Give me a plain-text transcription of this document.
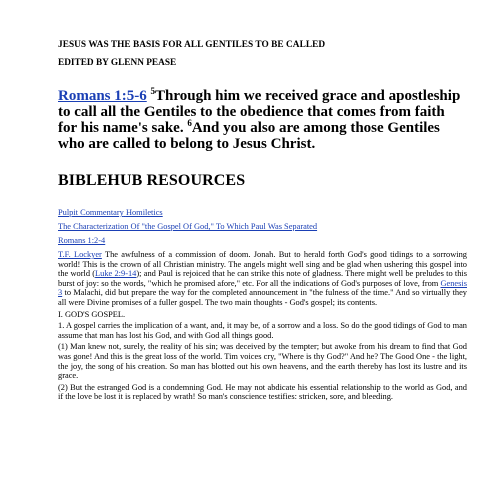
JESUS WAS THE BASIS FOR ALL GENTILES TO BE CALLED
EDITED BY GLENN PEASE
Romans 1:5-6 $^5$Through him we received grace and apostleship to call all the Gentiles to the obedience that comes from faith for his name's sake. $^6$And you also are among those Gentiles who are called to belong to Jesus Christ.
BIBLEHUB RESOURCES
Pulpit Commentary Homiletics
The Characterization Of "the Gospel Of God," To Which Paul Was Separated
Romans 1:2-4
T.F. Lockyer The awfulness of a commission of doom. Jonah. But to herald forth God's good tidings to a sorrowing world! This is the crown of all Christian ministry. The angels might well sing and be glad when ushering this gospel into the world (Luke 2:9-14); and Paul is rejoiced that he can strike this note of gladness. There might well be preludes to this burst of joy: so the words, "which he promised afore," etc. For all the indications of God's purposes of love, from Genesis 3 to Malachi, did but prepare the way for the completed announcement in "the fulness of the time." And so virtually they all were Divine promises of a fuller gospel. The two main thoughts - God's gospel; its contents.
I. GOD'S GOSPEL.
1. A gospel carries the implication of a want, and, it may be, of a sorrow and a loss. So do the good tidings of God to man assume that man has lost his God, and with God all things good.
(1) Man knew not, surely, the reality of his sin; was deceived by the tempter; but awoke from his dream to find that God was gone! And this is the great loss of the world. Tim voices cry, "Where is thy God?" And he? The Good One - the light, the joy, the song of his creation. So man has blotted out his own heavens, and the earth thereby has lost its lustre and its grace.
(2) But the estranged God is a condemning God. He may not abdicate his essential relationship to the world as God, and if the love be lost it is replaced by wrath! So man's conscience testifies: stricken, sore, and bleeding.
